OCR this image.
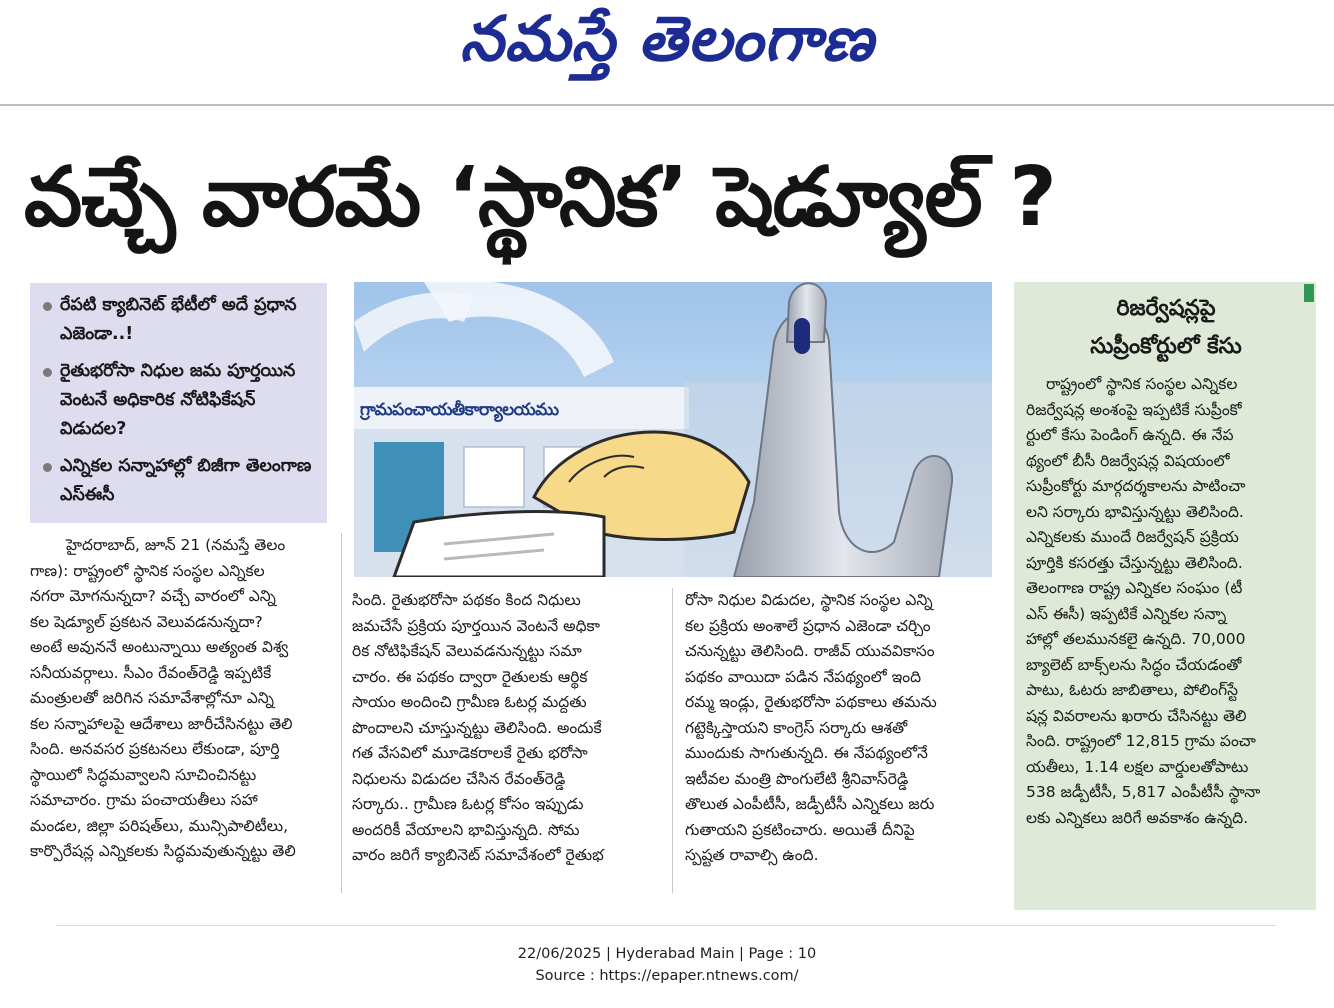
నమస్తే తెలంగాణ
వచ్చే వారమే ‘స్థానిక’ షెడ్యూల్ ?
రేపటి క్యాబినెట్ భేటీలో అదే ప్రధాన ఎజెండా..!
రైతుభరోసా నిధుల జమ పూర్తయిన వెంటనే అధికారిక నోటిఫికేషన్ విడుదల?
ఎన్నికల సన్నాహాల్లో బిజీగా తెలంగాణ ఎస్ఈసీ
గ్రామపంచాయతీకార్యాలయము
హైదరాబాద్, జూన్ 21 (నమస్తే తెలం
గాణ): రాష్ట్రంలో స్థానిక సంస్థల ఎన్నికల
నగరా మోగనున్నదా? వచ్చే వారంలో ఎన్ని
కల షెడ్యూల్ ప్రకటన వెలువడనున్నదా?
అంటే అవుననే అంటున్నాయి అత్యంత విశ్వ
సనీయవర్గాలు. సీఎం రేవంత్‌రెడ్డి ఇప్పటికే
మంత్రులతో జరిగిన సమావేశాల్లోనూ ఎన్ని
కల సన్నాహాలపై ఆదేశాలు జారీచేసినట్టు తెలి
సింది. అనవసర ప్రకటనలు లేకుండా, పూర్తి
స్థాయిలో సిద్ధమవ్వాలని సూచించినట్టు
సమాచారం. గ్రామ పంచాయతీలు సహా
మండల, జిల్లా పరిషత్‌లు, మున్సిపాలిటీలు,
కార్పొరేషన్ల ఎన్నికలకు సిద్ధమవుతున్నట్టు తెలి
సింది. రైతుభరోసా పథకం కింద నిధులు
జమచేసే ప్రక్రియ పూర్తయిన వెంటనే అధికా
రిక నోటిఫికేషన్ వెలువడనున్నట్టు సమా
చారం. ఈ పథకం ద్వారా రైతులకు ఆర్థిక
సాయం అందించి గ్రామీణ ఓటర్ల మద్దతు
పొందాలని చూస్తున్నట్టు తెలిసింది. అందుకే
గత వేసవిలో మూడెకరాలకే రైతు భరోసా
నిధులను విడుదల చేసిన రేవంత్‌రెడ్డి
సర్కారు.. గ్రామీణ ఓటర్ల కోసం ఇప్పుడు
అందరికీ వేయాలని భావిస్తున్నది. సోమ
వారం జరిగే క్యాబినెట్ సమావేశంలో రైతుభ
రోసా నిధుల విడుదల, స్థానిక సంస్థల ఎన్ని
కల ప్రక్రియ అంశాలే ప్రధాన ఎజెండా చర్చిం
చనున్నట్టు తెలిసింది. రాజీవ్ యువవికాసం
పథకం వాయిదా పడిన నేపథ్యంలో ఇంది
రమ్మ ఇండ్లు, రైతుభరోసా పథకాలు తమను
గట్టెక్కిస్తాయని కాంగ్రెస్ సర్కారు ఆశతో
ముందుకు సాగుతున్నది. ఈ నేపథ్యంలోనే
ఇటీవల మంత్రి పొంగులేటి శ్రీనివాస్‌రెడ్డి
తొలుత ఎంపీటీసీ, జడ్పీటీసీ ఎన్నికలు జరు
గుతాయని ప్రకటించారు. అయితే దీనిపై
స్పష్టత రావాల్సి ఉంది.
రిజర్వేషన్లపై
సుప్రీంకోర్టులో కేసు
రాష్ట్రంలో స్థానిక సంస్థల ఎన్నికల
రిజర్వేషన్ల అంశంపై ఇప్పటికే సుప్రీంకో
ర్టులో కేసు పెండింగ్ ఉన్నది. ఈ నేప
థ్యంలో బీసీ రిజర్వేషన్ల విషయంలో
సుప్రీంకోర్టు మార్గదర్శకాలను పాటించా
లని సర్కారు భావిస్తున్నట్టు తెలిసింది.
ఎన్నికలకు ముందే రిజర్వేషన్ ప్రక్రియ
పూర్తికి కసరత్తు చేస్తున్నట్టు తెలిసింది.
తెలంగాణ రాష్ట్ర ఎన్నికల సంఘం (టీ
ఎస్ ఈసీ) ఇప్పటికే ఎన్నికల సన్నా
హాల్లో తలమునకలై ఉన్నది. 70,000
బ్యాలెట్ బాక్స్‌లను సిద్ధం చేయడంతో
పాటు, ఓటరు జాబితాలు, పోలింగ్‌స్టే
షన్ల వివరాలను ఖరారు చేసినట్టు తెలి
సింది. రాష్ట్రంలో 12,815 గ్రామ పంచా
యతీలు, 1.14 లక్షల వార్డులతోపాటు
538 జడ్పీటీసీ, 5,817 ఎంపీటీసీ స్థానా
లకు ఎన్నికలు జరిగే అవకాశం ఉన్నది.
22/06/2025 | Hyderabad Main | Page : 10
Source : https://epaper.ntnews.com/
